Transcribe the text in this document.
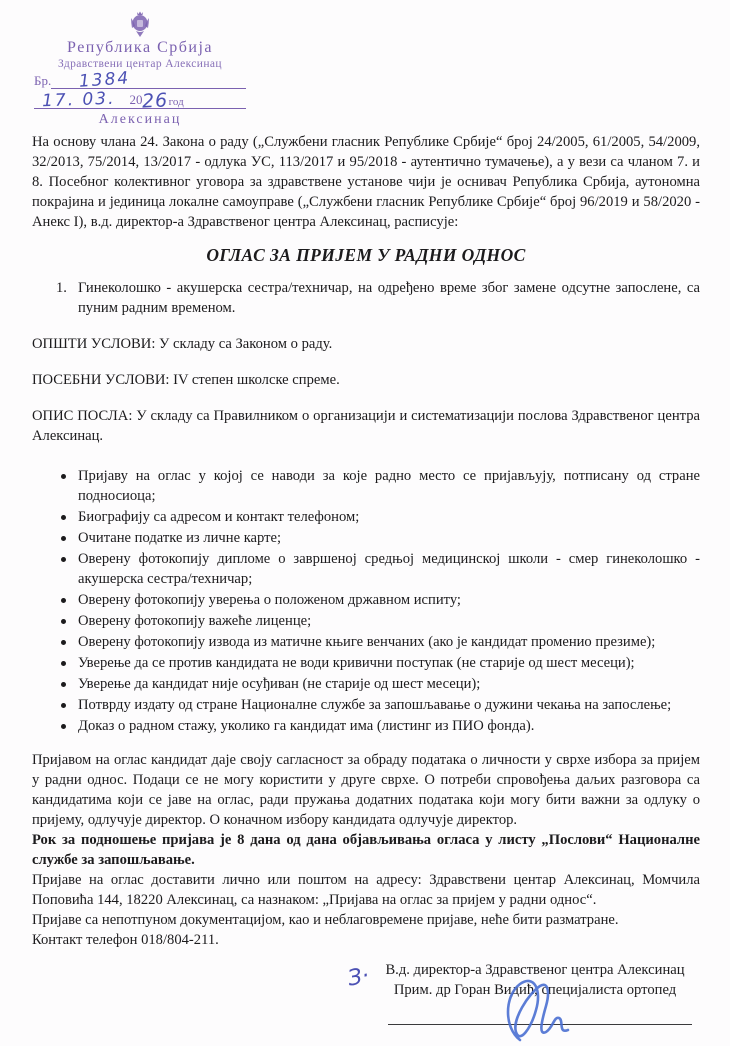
Република Србија
Здравствени центар Алексинац
Бр. 1384
17. 03. 20 26 год
Алексинац

На основу члана 24. Закона о раду („Службени гласник Републике Србије“ број 24/2005, 61/2005, 54/2009, 32/2013, 75/2014, 13/2017 - одлука УС, 113/2017 и 95/2018 - аутентично тумачење), а у вези са чланом 7. и 8. Посебног колективног уговора за здравствене установе чији је оснивач Република Србија, аутономна покрајина и јединица локалне самоуправе („Службени гласник Републике Србије“ број 96/2019 и 58/2020 - Анекс I), в.д. директор-а Здравственог центра Алексинац, расписује:

ОГЛАС ЗА ПРИЈЕМ У РАДНИ ОДНОС
1. Гинеколошко - акушерска сестра/техничар, на одређено време због замене одсутне запослене, са пуним радним временом.

ОПШТИ УСЛОВИ: У складу са Законом о раду.

ПОСЕБНИ УСЛОВИ: IV степен школске спреме.

ОПИС ПОСЛА: У складу са Правилником о организацији и систематизацији послова Здравственог центра Алексинац.

Пријаву на оглас у којој се наводи за које радно место се пријављују, потписану од стране подносиоца;
Биографију са адресом и контакт телефоном;
Очитане податке из личне карте;
Оверену фотокопију дипломе о завршеној средњој медицинској школи - смер гинеколошко - акушерска сестра/техничар;
Оверену фотокопију уверења о положеном државном испиту;
Оверену фотокопију важеће лиценце;
Оверену фотокопију извода из матичне књиге венчаних (ако је кандидат променио презиме);
Уверење да се против кандидата не води кривични поступак (не старије од шест месеци);
Уверење да кандидат није осуђиван (не старије од шест месеци);
Потврду издату од стране Националне службе за запошљавање о дужини чекања на запослење;
Доказ о радном стажу, уколико га кандидат има (листинг из ПИО фонда).

Пријавом на оглас кандидат даје своју сагласност за обраду података о личности у сврхе избора за пријем у радни однос. Подаци се не могу користити у друге сврхе. О потреби спровођења даљих разговора са кандидатима који се јаве на оглас, ради пружања додатних података који могу бити важни за одлуку о пријему, одлучује директор. О коначном избору кандидата одлучује директор.

Рок за подношење пријава је 8 дана од дана објављивања огласа у листу „Послови“ Националне службе за запошљавање.

Пријаве на оглас доставити лично или поштом на адресу: Здравствени центар Алексинац, Момчила Поповића 144, 18220 Алексинац, са назнаком: „Пријава на оглас за пријем у радни однос“.

Пријаве са непотпуном документацијом, као и неблаговремене пријаве, неће бити разматране.

Контакт телефон 018/804-211.

З· В.д. директор-а Здравственог центра Алексинац
Прим. др Горан Видић, специјалиста ортопед
